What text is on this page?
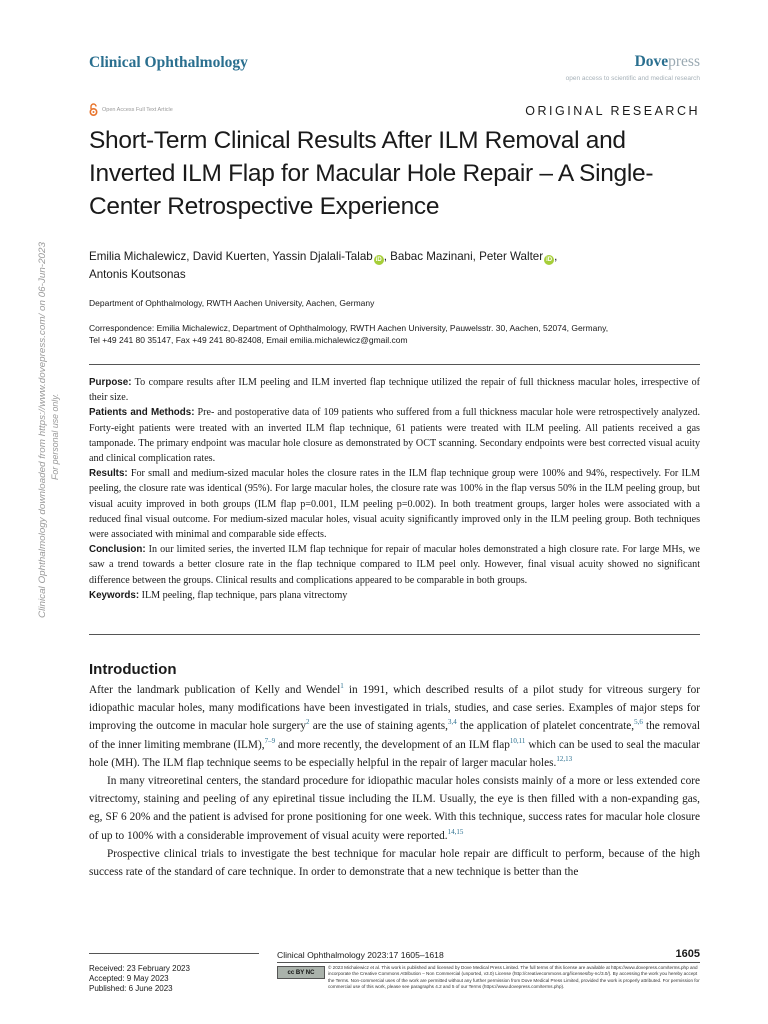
Clinical Ophthalmology	Dovepress
open access to scientific and medical research
Open Access Full Text Article	ORIGINAL RESEARCH
Short-Term Clinical Results After ILM Removal and Inverted ILM Flap for Macular Hole Repair – A Single-Center Retrospective Experience
Emilia Michalewicz, David Kuerten, Yassin Djalali-Talab iD , Babac Mazinani, Peter Walter iD ,
Antonis Koutsonas
Department of Ophthalmology, RWTH Aachen University, Aachen, Germany
Correspondence: Emilia Michalewicz, Department of Ophthalmology, RWTH Aachen University, Pauwelsstr. 30, Aachen, 52074, Germany,
Tel +49 241 80 35147, Fax +49 241 80-82408, Email emilia.michalewicz@gmail.com

Purpose: To compare results after ILM peeling and ILM inverted flap technique utilized the repair of full thickness macular holes, irrespective of their size.

Patients and Methods: Pre- and postoperative data of 109 patients who suffered from a full thickness macular hole were retrospectively analyzed. Forty-eight patients were treated with an inverted ILM flap technique, 61 patients were treated with ILM peeling. All patients received a gas tamponade. The primary endpoint was macular hole closure as demonstrated by OCT scanning. Secondary endpoints were best corrected visual acuity and clinical complication rates.

Results: For small and medium-sized macular holes the closure rates in the ILM flap technique group were 100% and 94%, respectively. For ILM peeling, the closure rate was identical (95%). For large macular holes, the closure rate was 100% in the flap versus 50% in the ILM peeling group, but visual acuity improved in both groups (ILM flap p=0.001, ILM peeling p=0.002). In both treatment groups, larger holes were associated with a reduced final visual outcome. For medium-sized macular holes, visual acuity significantly improved only in the ILM peeling group. Both techniques were associated with minimal and comparable side effects.

Conclusion: In our limited series, the inverted ILM flap technique for repair of macular holes demonstrated a high closure rate. For large MHs, we saw a trend towards a better closure rate in the flap technique compared to ILM peel only. However, final visual acuity showed no significant difference between the groups. Clinical results and complications appeared to be comparable in both groups.

Keywords: ILM peeling, flap technique, pars plana vitrectomy

Introduction

After the landmark publication of Kelly and Wendel$^1$ in 1991, which described results of a pilot study for vitreous surgery for idiopathic macular holes, many modifications have been investigated in trials, studies, and case series. Examples of major steps for improving the outcome in macular hole surgery$^2$ are the use of staining agents,$^{3,4}$ the application of platelet concentrate,$^{5,6}$ the removal of the inner limiting membrane (ILM),$^{7-9}$ and more recently, the development of an ILM flap$^{10,11}$ which can be used to seal the macular hole (MH). The ILM flap technique seems to be especially helpful in the repair of larger macular holes.$^{12,13}$

In many vitreoretinal centers, the standard procedure for idiopathic macular holes consists mainly of a more or less extended core vitrectomy, staining and peeling of any epiretinal tissue including the ILM. Usually, the eye is then filled with a non-expanding gas, eg, SF 6 20% and the patient is advised for prone positioning for one week. With this technique, success rates for macular hole closure of up to 100% with a considerable improvement of visual acuity were reported.$^{14,15}$

Prospective clinical trials to investigate the best technique for macular hole repair are difficult to perform, because of the high success rate of the standard of care technique. In order to demonstrate that a new technique is better than the

Clinical Ophthalmology downloaded from https://www.dovepress.com/ on 06-Jun-2023 For personal use only.
Received: 23 February 2023
Accepted: 9 May 2023
Published: 6 June 2023
Clinical Ophthalmology 2023:17 1605–1618	1605
cc BY NC
© 2023 Michalewicz et al. This work is published and licensed by Dove Medical Press Limited. The full terms of this license are available at https://www.dovepress.com/terms.php and incorporate the Creative Commons Attribution – Non Commercial (unported, v3.0) License (http://creativecommons.org/licenses/by-nc/3.0/). By accessing the work you hereby accept the Terms. Non-commercial uses of the work are permitted without any further permission from Dove Medical Press Limited, provided the work is properly attributed. For permission for commercial use of this work, please see paragraphs 4.2 and 5 of our Terms (https://www.dovepress.com/terms.php).
